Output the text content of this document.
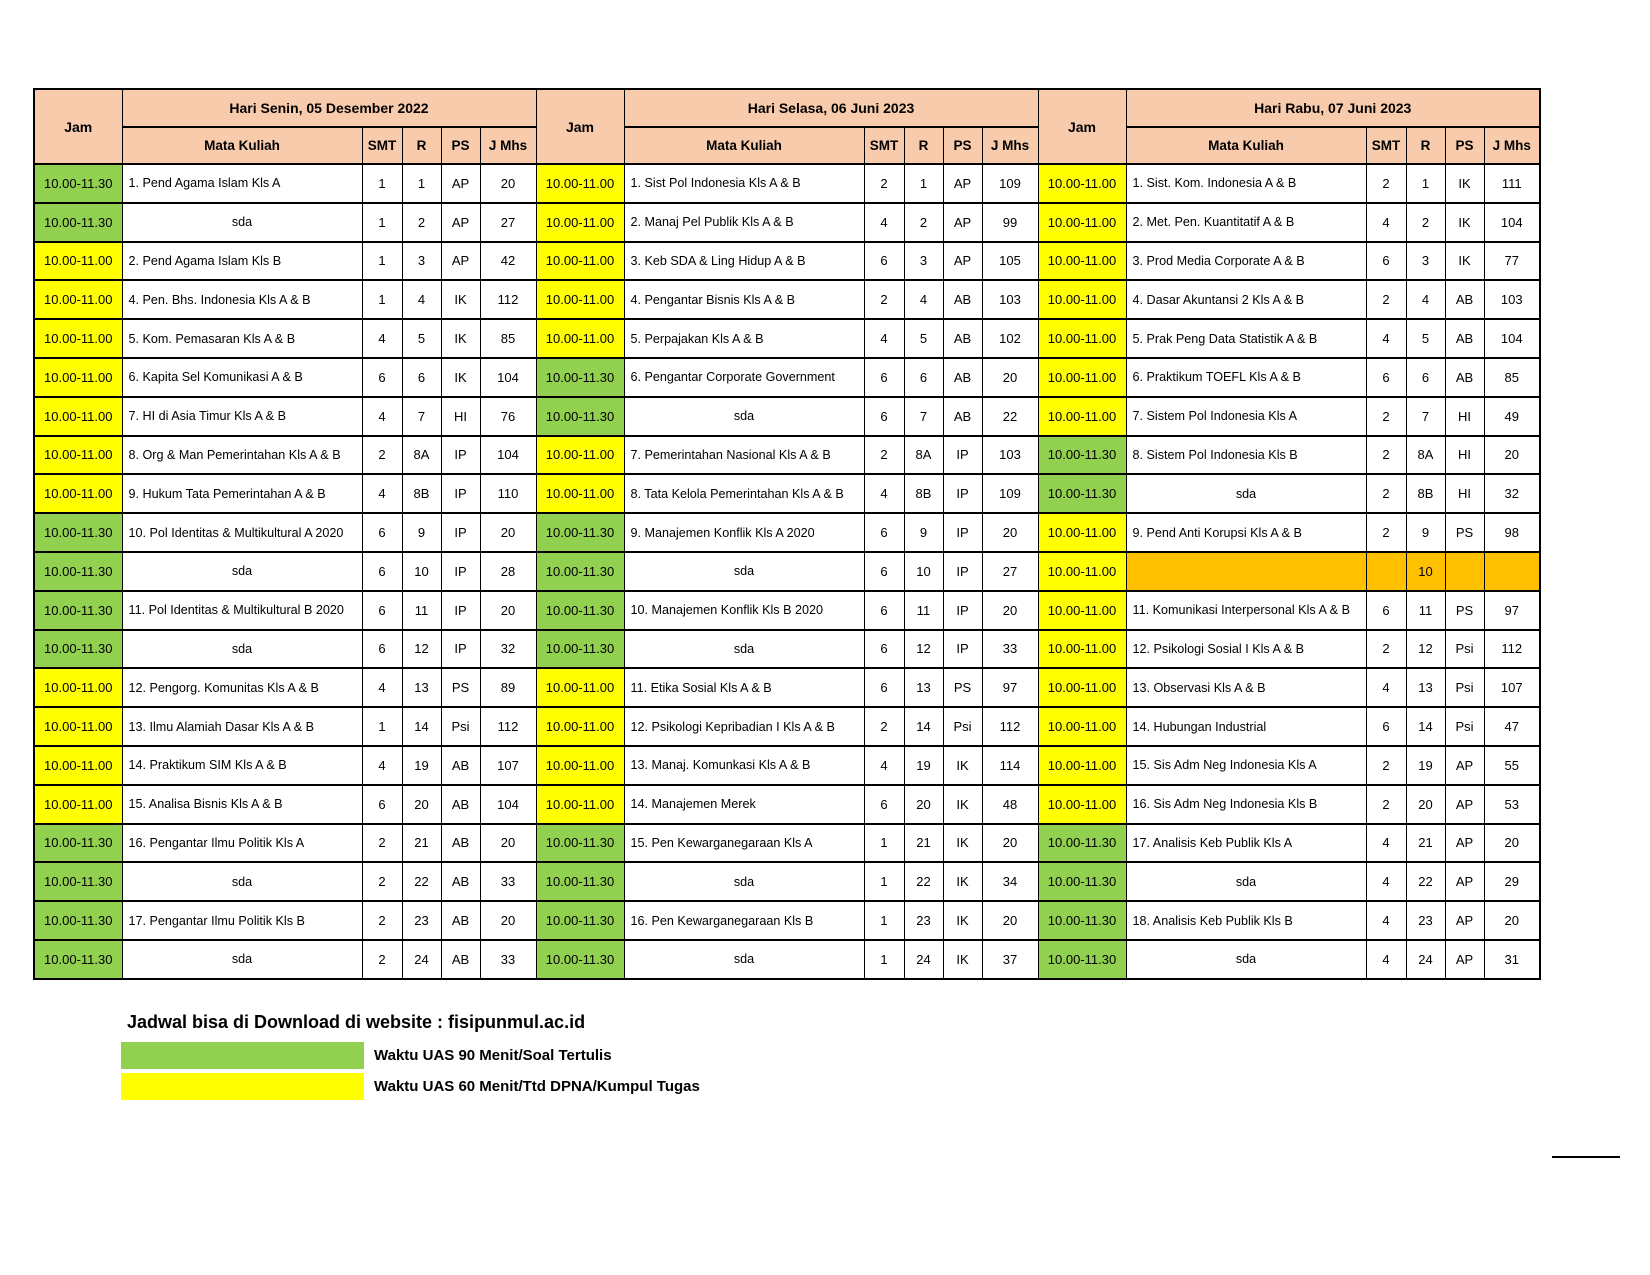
Jam	Hari Senin, 05 Desember 2022					Jam	Hari Selasa, 06 Juni 2023					Jam	Hari Rabu, 07 Juni 2023				
	Mata Kuliah	SMT	R	PS	J Mhs		Mata Kuliah	SMT	R	PS	J Mhs		Mata Kuliah	SMT	R	PS	J Mhs
10.00-11.30	1. Pend Agama Islam Kls A	1	1	AP	20	10.00-11.00	1. Sist Pol Indonesia Kls A & B	2	1	AP	109	10.00-11.00	1. Sist. Kom. Indonesia A & B	2	1	IK	111
10.00-11.30	sda	1	2	AP	27	10.00-11.00	2. Manaj Pel Publik Kls A & B	4	2	AP	99	10.00-11.00	2. Met. Pen. Kuantitatif A & B	4	2	IK	104
10.00-11.00	2. Pend Agama Islam Kls B	1	3	AP	42	10.00-11.00	3. Keb SDA & Ling Hidup A & B	6	3	AP	105	10.00-11.00	3. Prod Media Corporate A & B	6	3	IK	77
10.00-11.00	4. Pen. Bhs. Indonesia Kls A & B	1	4	IK	112	10.00-11.00	4. Pengantar Bisnis Kls A & B	2	4	AB	103	10.00-11.00	4. Dasar Akuntansi 2 Kls A & B	2	4	AB	103
10.00-11.00	5. Kom. Pemasaran Kls A & B	4	5	IK	85	10.00-11.00	5. Perpajakan Kls A & B	4	5	AB	102	10.00-11.00	5. Prak Peng Data Statistik A & B	4	5	AB	104
10.00-11.00	6. Kapita Sel Komunikasi A & B	6	6	IK	104	10.00-11.30	6. Pengantar Corporate Government	6	6	AB	20	10.00-11.00	6. Praktikum TOEFL Kls A & B	6	6	AB	85
10.00-11.00	7. HI di Asia Timur Kls A & B	4	7	HI	76	10.00-11.30	sda	6	7	AB	22	10.00-11.00	7. Sistem Pol Indonesia Kls A	2	7	HI	49
10.00-11.00	8. Org & Man Pemerintahan Kls A & B	2	8A	IP	104	10.00-11.00	7. Pemerintahan Nasional Kls A & B	2	8A	IP	103	10.00-11.30	8. Sistem Pol Indonesia Kls B	2	8A	HI	20
10.00-11.00	9. Hukum Tata Pemerintahan A & B	4	8B	IP	110	10.00-11.00	8. Tata Kelola Pemerintahan Kls A & B	4	8B	IP	109	10.00-11.30	sda	2	8B	HI	32
10.00-11.30	10. Pol Identitas & Multikultural A 2020	6	9	IP	20	10.00-11.30	9. Manajemen Konflik Kls A 2020	6	9	IP	20	10.00-11.00	9. Pend Anti Korupsi Kls A & B	2	9	PS	98
10.00-11.30	sda	6	10	IP	28	10.00-11.30	sda	6	10	IP	27	10.00-11.00			10		
10.00-11.30	11. Pol Identitas & Multikultural B 2020	6	11	IP	20	10.00-11.30	10. Manajemen Konflik Kls B 2020	6	11	IP	20	10.00-11.00	11. Komunikasi Interpersonal Kls A & B	6	11	PS	97
10.00-11.30	sda	6	12	IP	32	10.00-11.30	sda	6	12	IP	33	10.00-11.00	12. Psikologi Sosial I Kls A & B	2	12	Psi	112
10.00-11.00	12. Pengorg. Komunitas Kls A & B	4	13	PS	89	10.00-11.00	11. Etika Sosial Kls A & B	6	13	PS	97	10.00-11.00	13. Observasi Kls A & B	4	13	Psi	107
10.00-11.00	13. Ilmu Alamiah Dasar Kls A & B	1	14	Psi	112	10.00-11.00	12. Psikologi Kepribadian I Kls A & B	2	14	Psi	112	10.00-11.00	14. Hubungan Industrial	6	14	Psi	47
10.00-11.00	14. Praktikum SIM Kls A & B	4	19	AB	107	10.00-11.00	13. Manaj. Komunkasi Kls A & B	4	19	IK	114	10.00-11.00	15. Sis Adm Neg Indonesia Kls A	2	19	AP	55
10.00-11.00	15. Analisa Bisnis Kls A & B	6	20	AB	104	10.00-11.00	14. Manajemen Merek	6	20	IK	48	10.00-11.00	16. Sis Adm Neg Indonesia Kls B	2	20	AP	53
10.00-11.30	16. Pengantar Ilmu Politik Kls A	2	21	AB	20	10.00-11.30	15. Pen Kewarganegaraan Kls A	1	21	IK	20	10.00-11.30	17. Analisis Keb Publik Kls A	4	21	AP	20
10.00-11.30	sda	2	22	AB	33	10.00-11.30	sda	1	22	IK	34	10.00-11.30	sda	4	22	AP	29
10.00-11.30	17. Pengantar Ilmu Politik Kls B	2	23	AB	20	10.00-11.30	16. Pen Kewarganegaraan Kls B	1	23	IK	20	10.00-11.30	18. Analisis Keb Publik Kls B	4	23	AP	20
10.00-11.30	sda	2	24	AB	33	10.00-11.30	sda	1	24	IK	37	10.00-11.30	sda	4	24	AP	31
Jadwal bisa di Download di website : fisipunmul.ac.id
Waktu UAS 90 Menit/Soal Tertulis
Waktu UAS 60 Menit/Ttd DPNA/Kumpul Tugas
